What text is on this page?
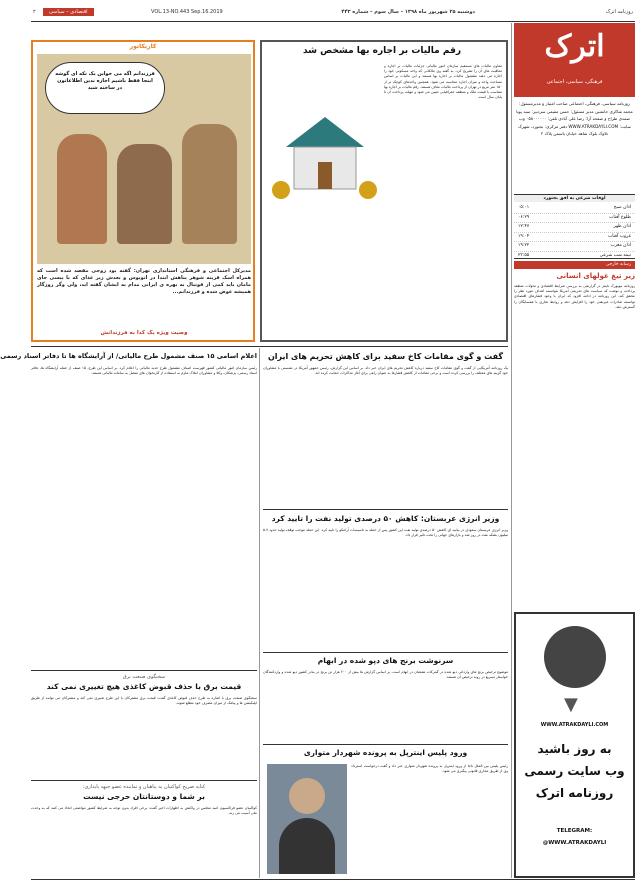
روزنامه اترک
دوشنبه ۲۵ شهریور ماه ۱۳۹۸ – سال سوم – شماره ۴۴۳
VOL.13-NO.443 Sep.16.2019
اقتصادی – سیاسی
۲
اترک
فرهنگی، سیاسی، اجتماعی
روزنامه سیاسی، فرهنگی، اجتماعی صاحب امتیاز و مدیرمسئول: محمد شاکری جانشین مدیر مسئول: حسن مقیمی سردبیر: سید پویا صمدی طراح و صفحه آرا: رضا علی آبادی تلفن: ۰۵۸۰۰۰۰۰۰ وب سایت: WWW.ATRAKDAYLI.COM دفتر مرکزی: بجنورد، شهرک تلاوک بلوک شاهد خیابان یاسمن پلاک ۲
اوقات شرعی به افق بجنورد
اذان صبح
۰۵:۰۱
طلوع آفتاب
۰۶:۲۹
اذان ظهر
۱۲:۴۷
غروب آفتاب
۱۹:۰۴
اذان مغرب
۱۹:۲۲
نیمه شب شرعی
۲۳:۵۵
رسانه خارجی
زیر تیغ غولهای انسانی
روزنامه نیویورک تایمز در گزارشی به بررسی شرایط اقتصادی و تحولات منطقه پرداخت و نوشت که سیاست های تحریمی آمریکا نتوانسته اهداف مورد نظر را محقق کند. این روزنامه در ادامه افزود که ایران با وجود فشارهای اقتصادی توانسته صادرات غیرنفتی خود را افزایش دهد و روابط تجاری با همسایگان را گسترش دهد.
▼
WWW.ATRAKDAYLI.COM
به روز باشید
وب سایت رسمی
روزنامه اترک
TELEGRAM:
@WWW.ATRAKDAYLI
رقم مالیات بر اجاره بها مشخص شد
معاون مالیات های مستقیم سازمان امور مالیاتی جزئیات مالیات بر اجاره و معافیت های آن را تشریح کرد. به گفته وی مالکانی که واحد مسکونی خود را اجاره می دهند مشمول مالیات بر اجاره بها هستند و این مالیات بر اساس مساحت واحد و میزان اجاره محاسبه می شود. همچنین واحدهای کوچک تر از ۱۵۰ متر مربع در تهران از پرداخت مالیات معاف هستند. رقم مالیات بر اجاره بها متناسب با قیمت ملک و منطقه جغرافیایی تعیین می شود و مهلت پرداخت آن تا پایان سال است.
کاریکاتور
فرزندانم اگه می خواین یک تکه ای گوشه اینجا فقط باشیم اجازه ندین اطلاعاتون در ساخته شید
مدیرکل اجتماعی و فرهنگی استانداری تهران: گفته بود زوجی مقصد شده است که همراه اسک قرینه شوهر پناهش ابتدا در اتوبوس و بعدش زیر غذای که با پیسی جای مامان باید کمی از فوتبال به بهره ی ایرانی مدام به ایشان گفته اید، ولی وگر روزگار همیشه عوض شده و فرزندانم...
وصیت ویژه یک کدا به فرزندانش
گفت و گوی مقامات کاخ سفید برای کاهش تحریم های ایران
یک روزنامه آمریکایی از گفت و گوی مقامات کاخ سفید درباره کاهش تحریم های ایران خبر داد. بر اساس این گزارش، رئیس جمهور آمریکا در نشستی با مشاوران خود گزینه های مختلف را بررسی کرده است و برخی مقامات از کاهش فشارها به عنوان راهی برای آغاز مذاکرات حمایت کرده اند.
اعلام اسامی ۱۵ صنف مشمول طرح مالیاتی/ از آرایشگاه ها تا دفاتر اسناد رسمی
رئیس سازمان امور مالیاتی کشور فهرست اصناف مشمول طرح جدید مالیاتی را اعلام کرد. بر اساس این طرح، ۱۵ صنف از جمله آرایشگاه ها، دفاتر اسناد رسمی، پزشکان، وکلا و مشاوران املاک ملزم به استفاده از کارتخوان های متصل به سامانه مالیاتی هستند.
وزیر انرژی عربستان: کاهش ۵۰ درصدی تولید نفت را تایید کرد
وزیر انرژی عربستان سعودی در بیانیه ای کاهش ۵۰ درصدی تولید نفت این کشور پس از حمله به تاسیسات آرامکو را تایید کرد. این حمله موجب توقف تولید حدود ۵.۷ میلیون بشکه نفت در روز شد و بازارهای جهانی را تحت تاثیر قرار داد.
سرنوشت برنج های دپو شده در ابهام
موضوع ترخیص برنج های وارداتی دپو شده در گمرکات همچنان در ابهام است. بر اساس گزارش ها بیش از ۲۰۰ هزار تن برنج در بنادر کشور دپو شده و واردکنندگان خواستار تسریع در روند ترخیص آن هستند.
ورود پلیس اینترپل به پرونده شهردار متواری
رئیس پلیس بین الملل ناجا از ورود اینترپل به پرونده شهردار متواری خبر داد و گفت درخواست استرداد وی از طریق مجاری قانونی پیگیری می شود.
سخنگوی صنعت برق
قیمت برق با حذف قبوض کاغذی هیچ تغییری نمی کند
سخنگوی صنعت برق با اشاره به طرح حذف قبوض کاغذی گفت: قیمت برق مشترکان با این طرح تغییری نمی کند و مشترکان می توانند از طریق اپلیکیشن ها و پیامک از میزان مصرف خود مطلع شوند.
کنایه صریح کواکبیان به پناهیان و نماینده عضو جبهه پایداری:
بر شما و دوستانتان حرجی نیست
کواکبیان عضو فراکسیون امید مجلس در واکنش به اظهارات اخیر گفت: برخی افراد بدون توجه به شرایط کشور مواضعی اتخاذ می کنند که به وحدت ملی آسیب می زند.
